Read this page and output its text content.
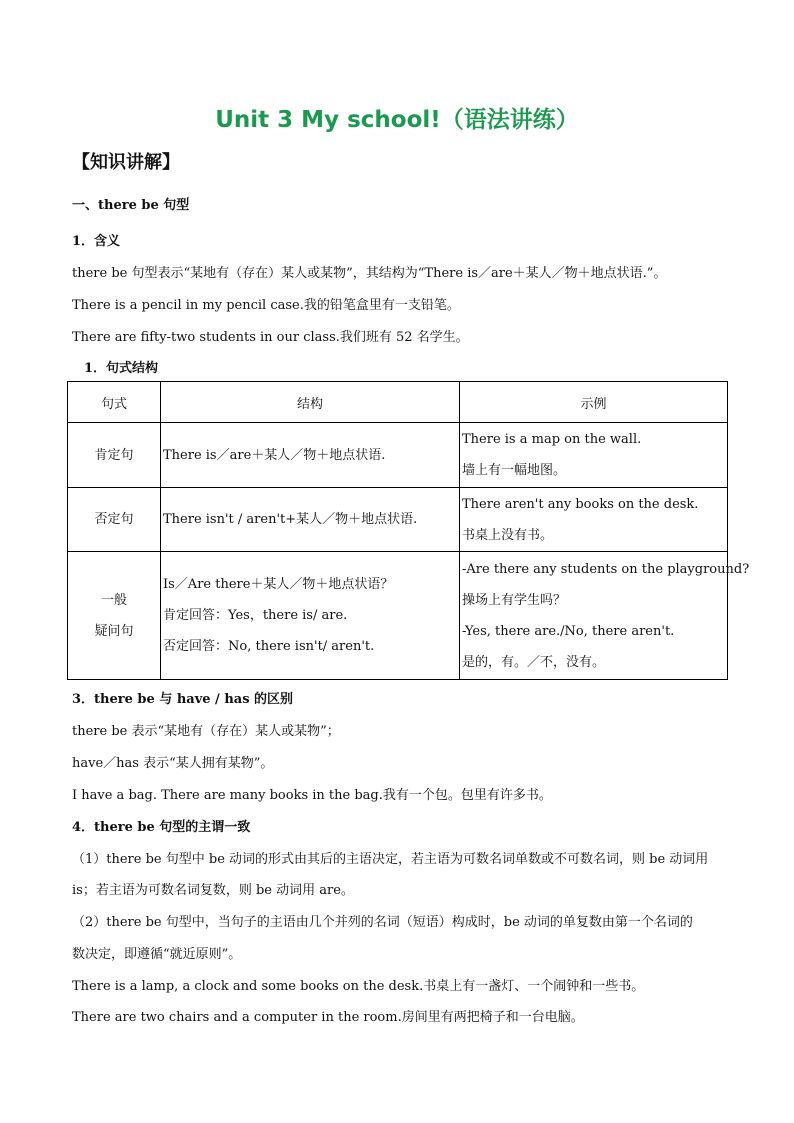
Unit 3 My school!（语法讲练）
【知识讲解】
一、there be 句型
1．含义
there be 句型表示“某地有（存在）某人或某物”，其结构为“There is／are＋某人／物＋地点状语.”。
There is a pencil in my pencil case.我的铅笔盒里有一支铅笔。
There are fifty-two students in our class.我们班有 52 名学生。
1．句式结构
句式	结构	示例

肯定句	There is／are＋某人／物＋地点状语.	There is a map on the wall.
墙上有一幅地图。

否定句	There isn't / aren't+某人／物＋地点状语.	There aren't any books on the desk.
书桌上没有书。

一般
疑问句	Is／Are there＋某人／物＋地点状语？
肯定回答：Yes，there is/ are.
否定回答：No, there isn't/ aren't.	-Are there any students on the playground?
操场上有学生吗？
-Yes, there are./No, there aren't.
是的，有。／不，没有。
3．there be 与 have / has 的区别
there be 表示“某地有（存在）某人或某物”；
have／has 表示“某人拥有某物”。
I have a bag. There are many books in the bag.我有一个包。包里有许多书。
4．there be 句型的主谓一致
（1）there be 句型中 be 动词的形式由其后的主语决定，若主语为可数名词单数或不可数名词，则 be 动词用
is；若主语为可数名词复数，则 be 动词用 are。
（2）there be 句型中，当句子的主语由几个并列的名词（短语）构成时，be 动词的单复数由第一个名词的
数决定，即遵循“就近原则”。
There is a lamp, a clock and some books on the desk.书桌上有一盏灯、一个闹钟和一些书。
There are two chairs and a computer in the room.房间里有两把椅子和一台电脑。
